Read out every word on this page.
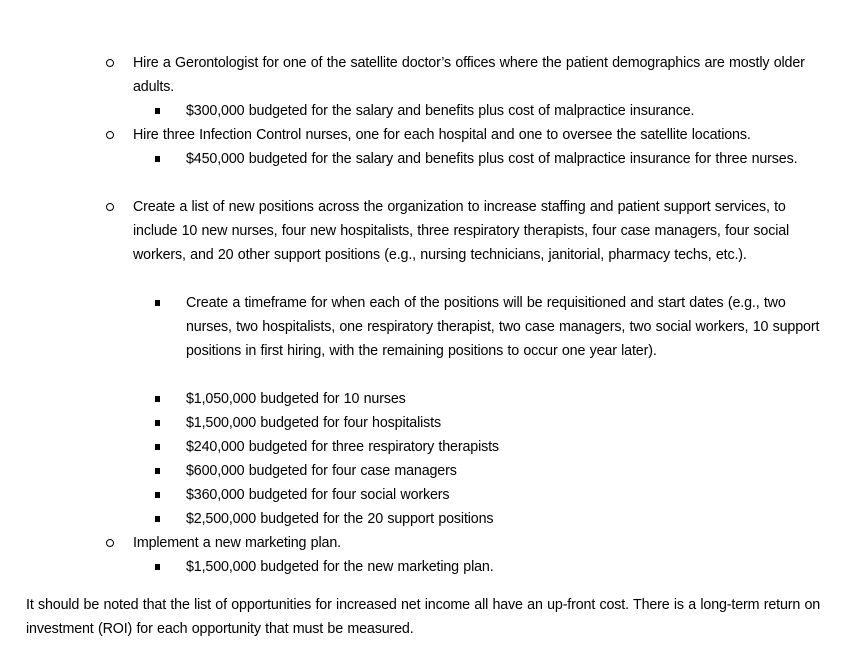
Hire a Gerontologist for one of the satellite doctor’s offices where the patient demographics are mostly older adults.
$300,000 budgeted for the salary and benefits plus cost of malpractice insurance.
Hire three Infection Control nurses, one for each hospital and one to oversee the satellite locations.
$450,000 budgeted for the salary and benefits plus cost of malpractice insurance for three nurses.
Create a list of new positions across the organization to increase staffing and patient support services, to include 10 new nurses, four new hospitalists, three respiratory therapists, four case managers, four social workers, and 20 other support positions (e.g., nursing technicians, janitorial, pharmacy techs, etc.).
Create a timeframe for when each of the positions will be requisitioned and start dates (e.g., two nurses, two hospitalists, one respiratory therapist, two case managers, two social workers, 10 support positions in first hiring, with the remaining positions to occur one year later).
$1,050,000 budgeted for 10 nurses
$1,500,000 budgeted for four hospitalists
$240,000 budgeted for three respiratory therapists
$600,000 budgeted for four case managers
$360,000 budgeted for four social workers
$2,500,000 budgeted for the 20 support positions
Implement a new marketing plan.
$1,500,000 budgeted for the new marketing plan.

It should be noted that the list of opportunities for increased net income all have an up-front cost. There is a long-term return on investment (ROI) for each opportunity that must be measured.
